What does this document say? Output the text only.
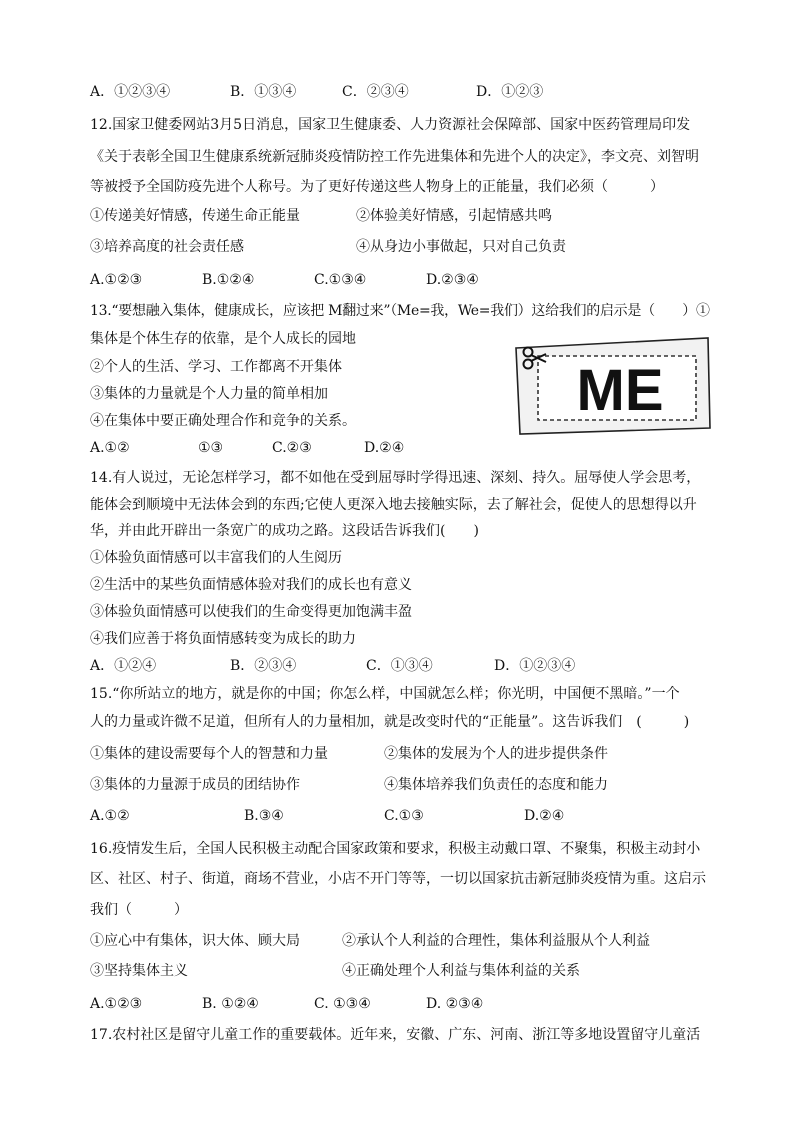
A．①②③④	B．①③④	C．②③④	D．①②③
12.国家卫健委网站3月5日消息，国家卫生健康委、人力资源社会保障部、国家中医药管理局印发
《关于表彰全国卫生健康系统新冠肺炎疫情防控工作先进集体和先进个人的决定》，李文亮、刘智明
等被授予全国防疫先进个人称号。为了更好传递这些人物身上的正能量，我们必须（　　　）
①传递美好情感，传递生命正能量	②体验美好情感，引起情感共鸣
③培养高度的社会责任感	④从身边小事做起，只对自己负责
A.①②③	B.①②④	C.①③④	D.②③④
13.“要想融入集体，健康成长，应该把 M翻过来”（Me=我，We=我们）这给我们的启示是（　　）①
集体是个体生存的依靠，是个人成长的园地
②个人的生活、学习、工作都离不开集体
③集体的力量就是个人力量的简单相加
④在集体中要正确处理合作和竞争的关系。
A.①②	①③	C.②③	D.②④
ME
14.有人说过，无论怎样学习，都不如他在受到屈辱时学得迅速、深刻、持久。屈辱使人学会思考，
能体会到顺境中无法体会到的东西;它使人更深入地去接触实际，去了解社会，促使人的思想得以升
华，并由此开辟出一条宽广的成功之路。这段话告诉我们(　　)
①体验负面情感可以丰富我们的人生阅历
②生活中的某些负面情感体验对我们的成长也有意义
③体验负面情感可以使我们的生命变得更加饱满丰盈
④我们应善于将负面情感转变为成长的助力
A．①②④	B．②③④	C．①③④	D．①②③④
15.“你所站立的地方，就是你的中国；你怎么样，中国就怎么样；你光明，中国便不黑暗。”一个
人的力量或许微不足道，但所有人的力量相加，就是改变时代的“正能量”。这告诉我们　(　　　)
①集体的建设需要每个人的智慧和力量	②集体的发展为个人的进步提供条件
③集体的力量源于成员的团结协作	④集体培养我们负责任的态度和能力
A.①②	B.③④	C.①③	D.②④
16.疫情发生后，全国人民积极主动配合国家政策和要求，积极主动戴口罩、不聚集，积极主动封小
区、社区、村子、街道，商场不营业，小店不开门等等，一切以国家抗击新冠肺炎疫情为重。这启示
我们（　　　）
①应心中有集体，识大体、顾大局	②承认个人利益的合理性，集体利益服从个人利益
③坚持集体主义	④正确处理个人利益与集体利益的关系
A.①②③	B. ①②④	C. ①③④	D. ②③④
17.农村社区是留守儿童工作的重要载体。近年来，安徽、广东、河南、浙江等多地设置留守儿童活
